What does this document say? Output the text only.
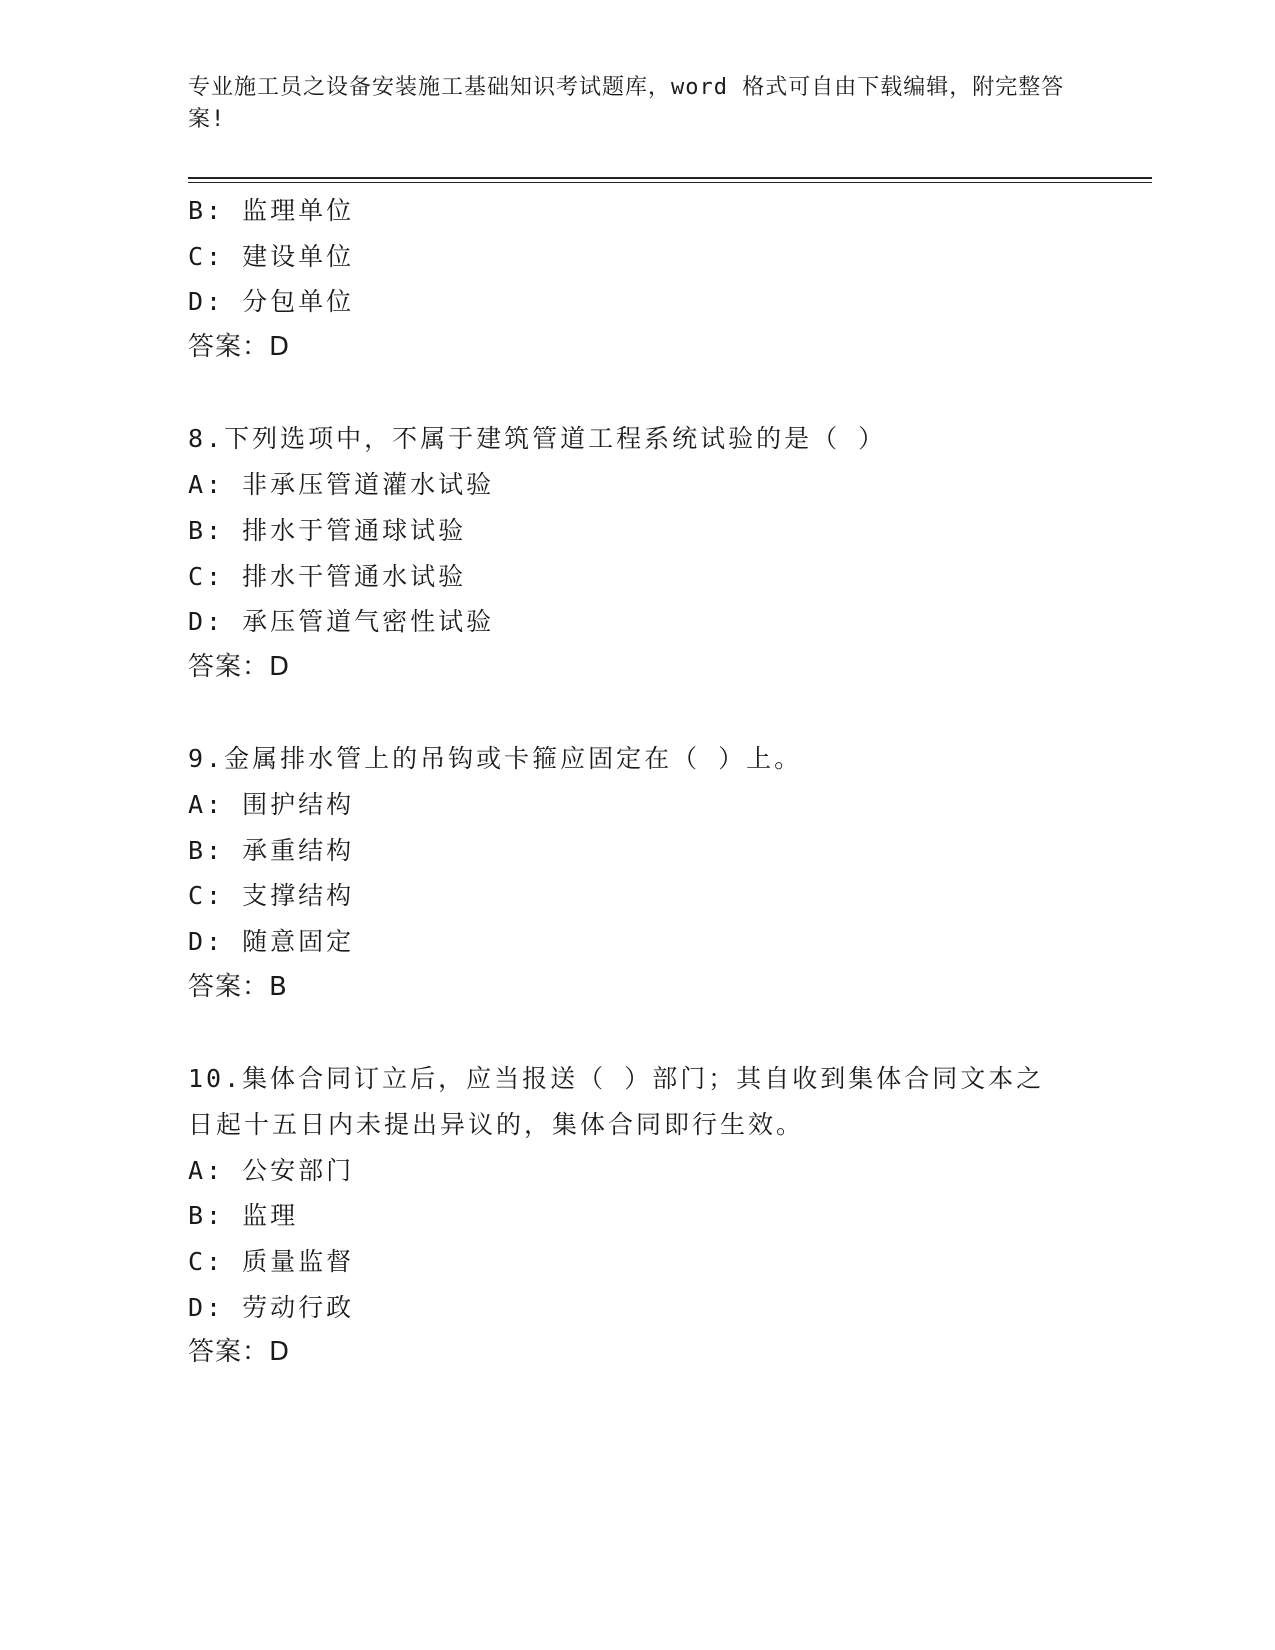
专业施工员之设备安装施工基础知识考试题库，word 格式可自由下载编辑，附完整答案!
B: 监理单位
C: 建设单位
D: 分包单位
答案：D
8.下列选项中，不属于建筑管道工程系统试验的是（ ）
A: 非承压管道灌水试验
B: 排水于管通球试验
C: 排水干管通水试验
D: 承压管道气密性试验
答案：D
9.金属排水管上的吊钩或卡箍应固定在（ ）上。
A: 围护结构
B: 承重结构
C: 支撑结构
D: 随意固定
答案：B
10.集体合同订立后，应当报送（ ）部门；其自收到集体合同文本之日起十五日内未提出异议的，集体合同即行生效。
A: 公安部门
B: 监理
C: 质量监督
D: 劳动行政
答案：D
